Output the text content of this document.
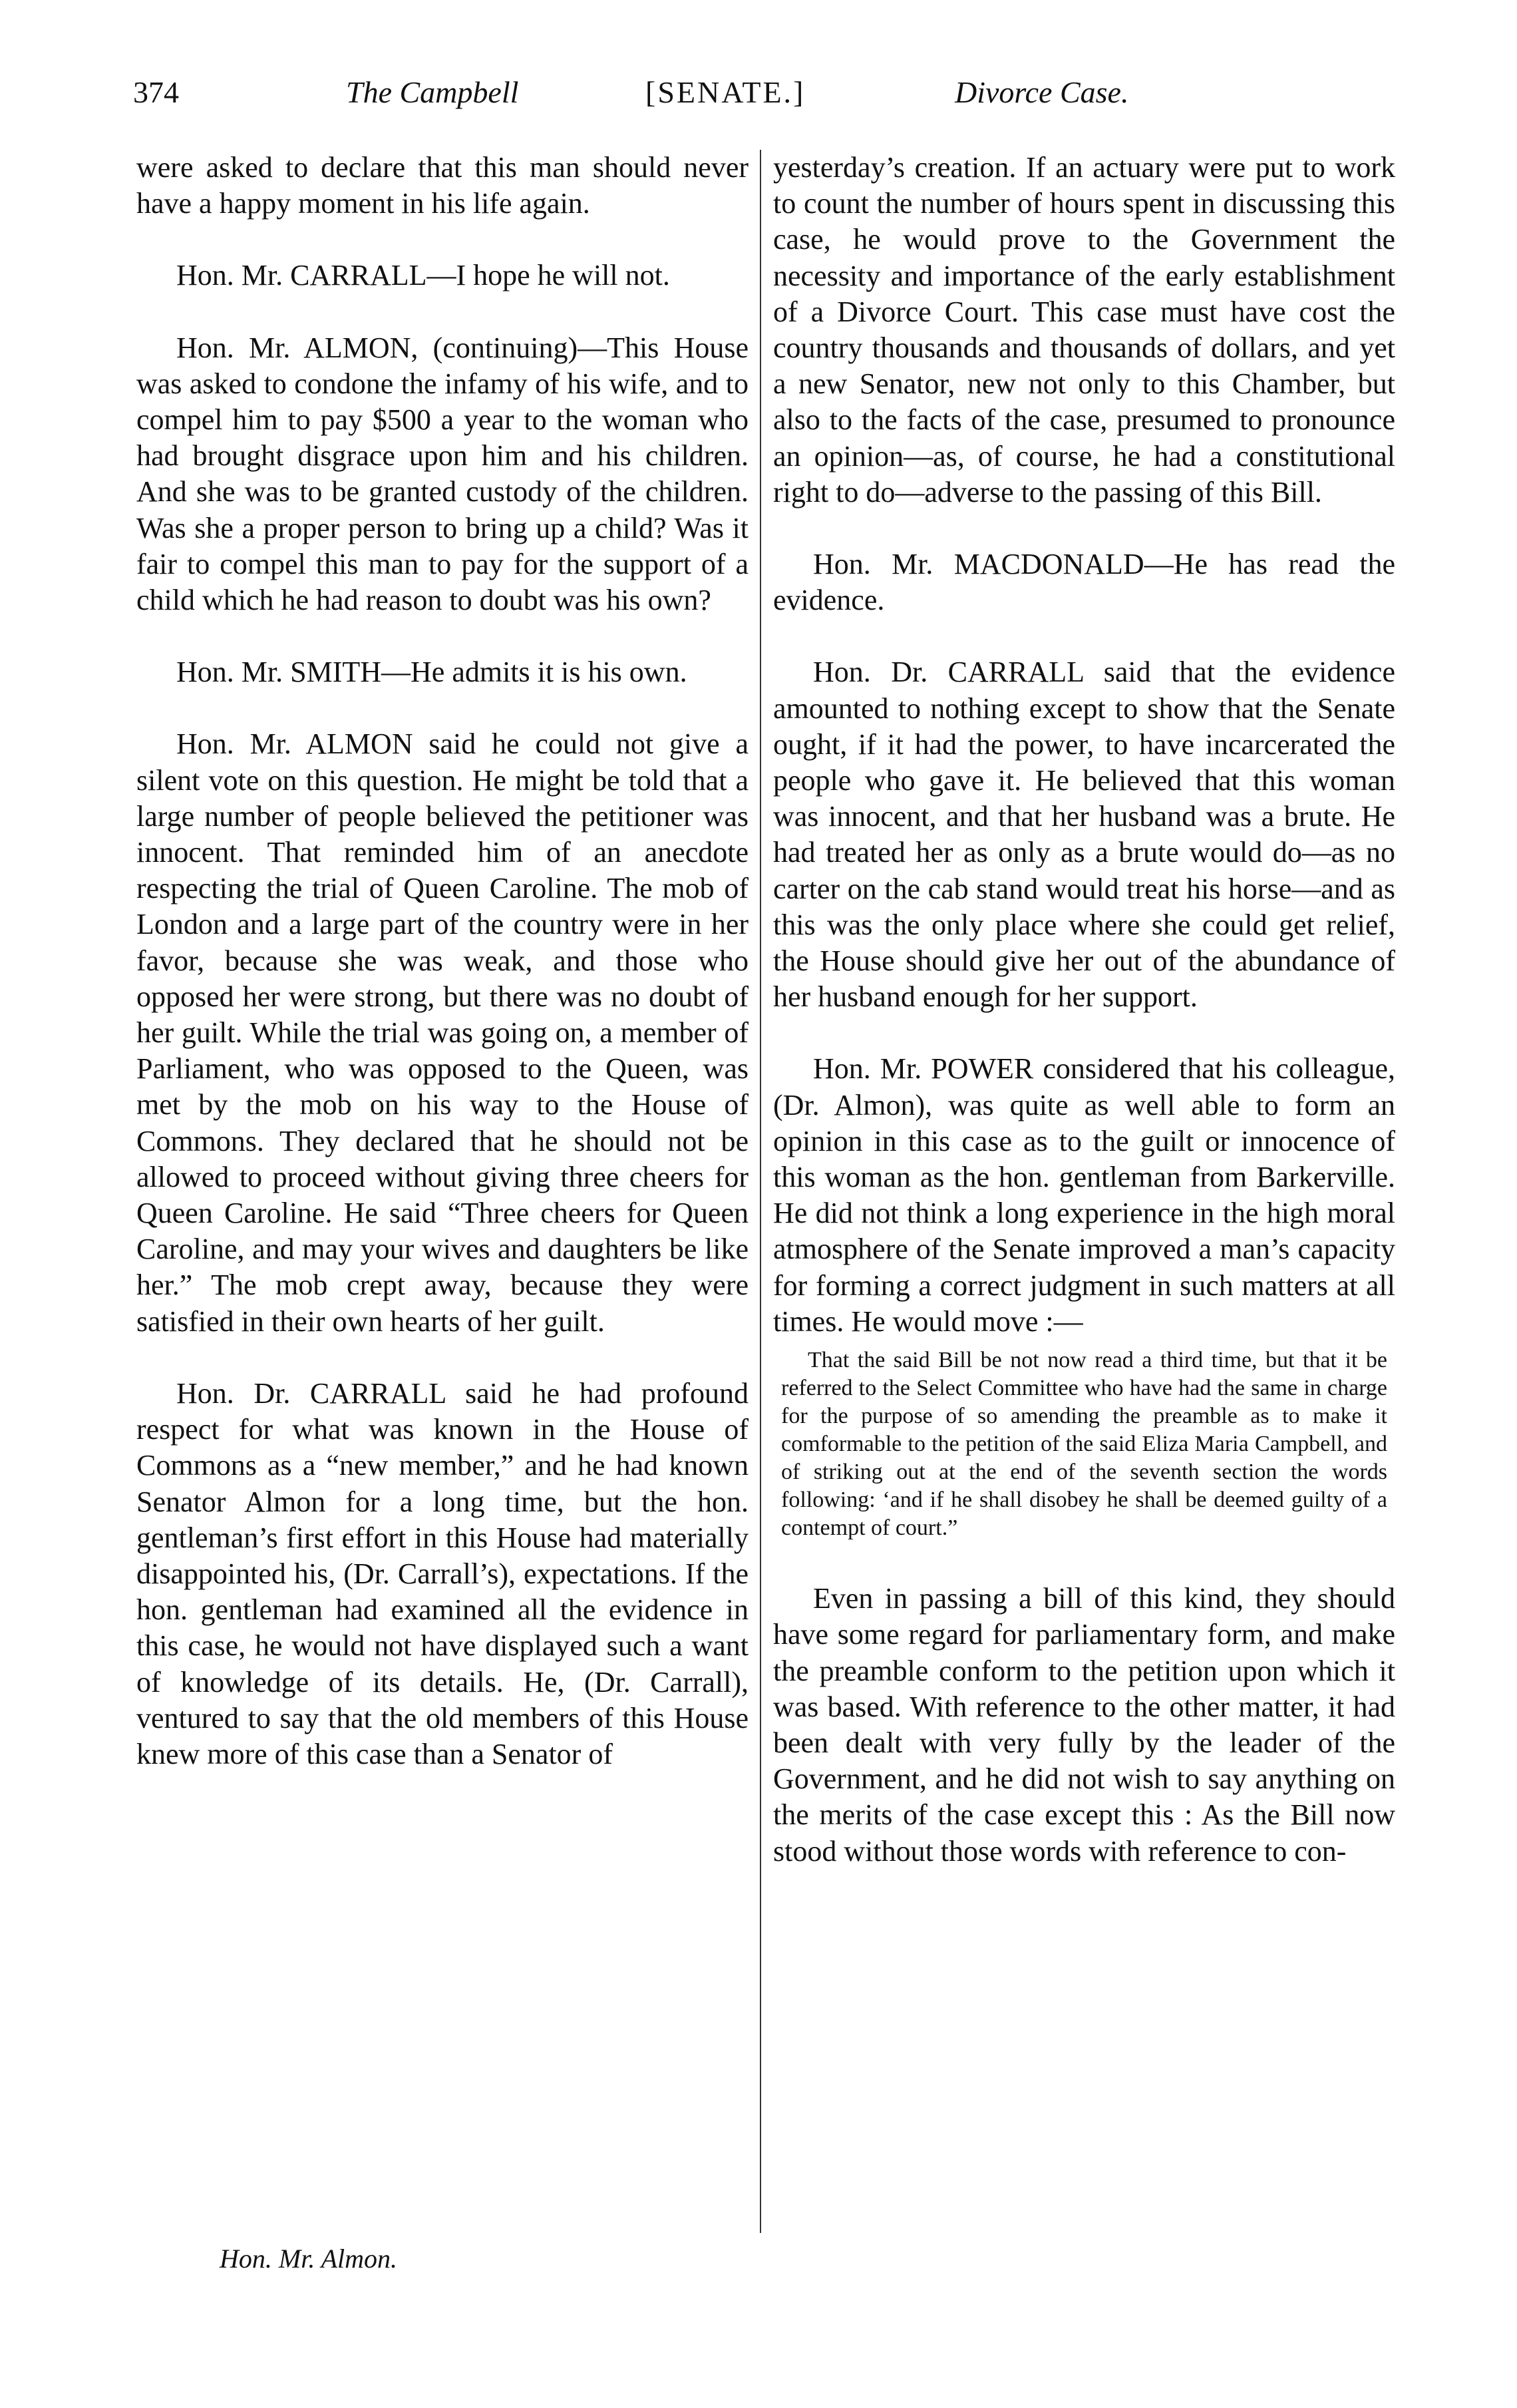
374	The Campbell	[SENATE.]	Divorce Case.

were asked to declare that this man should never have a happy moment in his life again.

Hon. Mr. CARRALL—I hope he will not.

Hon. Mr. ALMON, (continuing)—This House was asked to condone the infamy of his wife, and to compel him to pay $500 a year to the woman who had brought disgrace upon him and his children. And she was to be granted custody of the children. Was she a proper person to bring up a child? Was it fair to compel this man to pay for the support of a child which he had reason to doubt was his own?

Hon. Mr. SMITH—He admits it is his own.

Hon. Mr. ALMON said he could not give a silent vote on this question. He might be told that a large number of people believed the petitioner was innocent. That reminded him of an anecdote respecting the trial of Queen Caroline. The mob of London and a large part of the country were in her favor, because she was weak, and those who opposed her were strong, but there was no doubt of her guilt. While the trial was going on, a member of Parliament, who was opposed to the Queen, was met by the mob on his way to the House of Commons. They declared that he should not be allowed to proceed without giving three cheers for Queen Caroline. He said “Three cheers for Queen Caroline, and may your wives and daughters be like her.” The mob crept away, because they were satisfied in their own hearts of her guilt.

Hon. Dr. CARRALL said he had profound respect for what was known in the House of Commons as a “new member,” and he had known Senator Almon for a long time, but the hon. gentleman’s first effort in this House had materially disappointed his, (Dr. Carrall’s), expectations. If the hon. gentleman had examined all the evidence in this case, he would not have displayed such a want of knowledge of its details. He, (Dr. Carrall), ventured to say that the old members of this House knew more of this case than a Senator of

yesterday’s creation. If an actuary were put to work to count the number of hours spent in discussing this case, he would prove to the Government the necessity and importance of the early establishment of a Divorce Court. This case must have cost the country thousands and thousands of dollars, and yet a new Senator, new not only to this Chamber, but also to the facts of the case, presumed to pronounce an opinion—as, of course, he had a constitutional right to do—adverse to the passing of this Bill.

Hon. Mr. MACDONALD—He has read the evidence.

Hon. Dr. CARRALL said that the evidence amounted to nothing except to show that the Senate ought, if it had the power, to have incarcerated the people who gave it. He believed that this woman was innocent, and that her husband was a brute. He had treated her as only as a brute would do—as no carter on the cab stand would treat his horse—and as this was the only place where she could get relief, the House should give her out of the abundance of her husband enough for her support.

Hon. Mr. POWER considered that his colleague, (Dr. Almon), was quite as well able to form an opinion in this case as to the guilt or innocence of this woman as the hon. gentleman from Barkerville. He did not think a long experience in the high moral atmosphere of the Senate improved a man’s capacity for forming a correct judgment in such matters at all times. He would move :—

That the said Bill be not now read a third time, but that it be referred to the Select Committee who have had the same in charge for the purpose of so amending the preamble as to make it comformable to the petition of the said Eliza Maria Campbell, and of striking out at the end of the seventh section the words following: ‘and if he shall disobey he shall be deemed guilty of a contempt of court.”

Even in passing a bill of this kind, they should have some regard for parliamentary form, and make the preamble conform to the petition upon which it was based. With reference to the other matter, it had been dealt with very fully by the leader of the Government, and he did not wish to say anything on the merits of the case except this : As the Bill now stood without those words with reference to con-

Hon. Mr. Almon.
